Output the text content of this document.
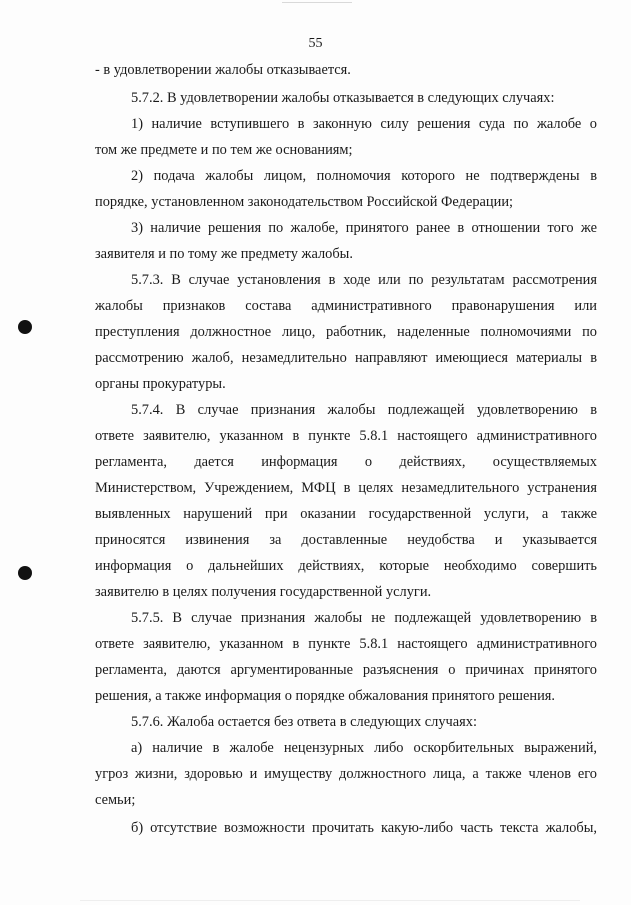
55
- в удовлетворении жалобы отказывается.
5.7.2. В удовлетворении жалобы отказывается в следующих случаях:
1) наличие вступившего в законную силу решения суда по жалобе о
том же предмете и по тем же основаниям;
2) подача жалобы лицом, полномочия которого не подтверждены в
порядке, установленном законодательством Российской Федерации;
3) наличие решения по жалобе, принятого ранее в отношении того же
заявителя и по тому же предмету жалобы.
5.7.3. В случае установления в ходе или по результатам рассмотрения
жалобы признаков состава административного правонарушения или
преступления должностное лицо, работник, наделенные полномочиями по
рассмотрению жалоб, незамедлительно направляют имеющиеся материалы в
органы прокуратуры.
5.7.4. В случае признания жалобы подлежащей удовлетворению в
ответе заявителю, указанном в пункте 5.8.1 настоящего административного
регламента, дается информация о действиях, осуществляемых
Министерством, Учреждением, МФЦ в целях незамедлительного устранения
выявленных нарушений при оказании государственной услуги, а также
приносятся извинения за доставленные неудобства и указывается
информация о дальнейших действиях, которые необходимо совершить
заявителю в целях получения государственной услуги.
5.7.5. В случае признания жалобы не подлежащей удовлетворению в
ответе заявителю, указанном в пункте 5.8.1 настоящего административного
регламента, даются аргументированные разъяснения о причинах принятого
решения, а также информация о порядке обжалования принятого решения.
5.7.6. Жалоба остается без ответа в следующих случаях:
а) наличие в жалобе нецензурных либо оскорбительных выражений,
угроз жизни, здоровью и имуществу должностного лица, а также членов его
семьи;
б) отсутствие возможности прочитать какую-либо часть текста жалобы,
